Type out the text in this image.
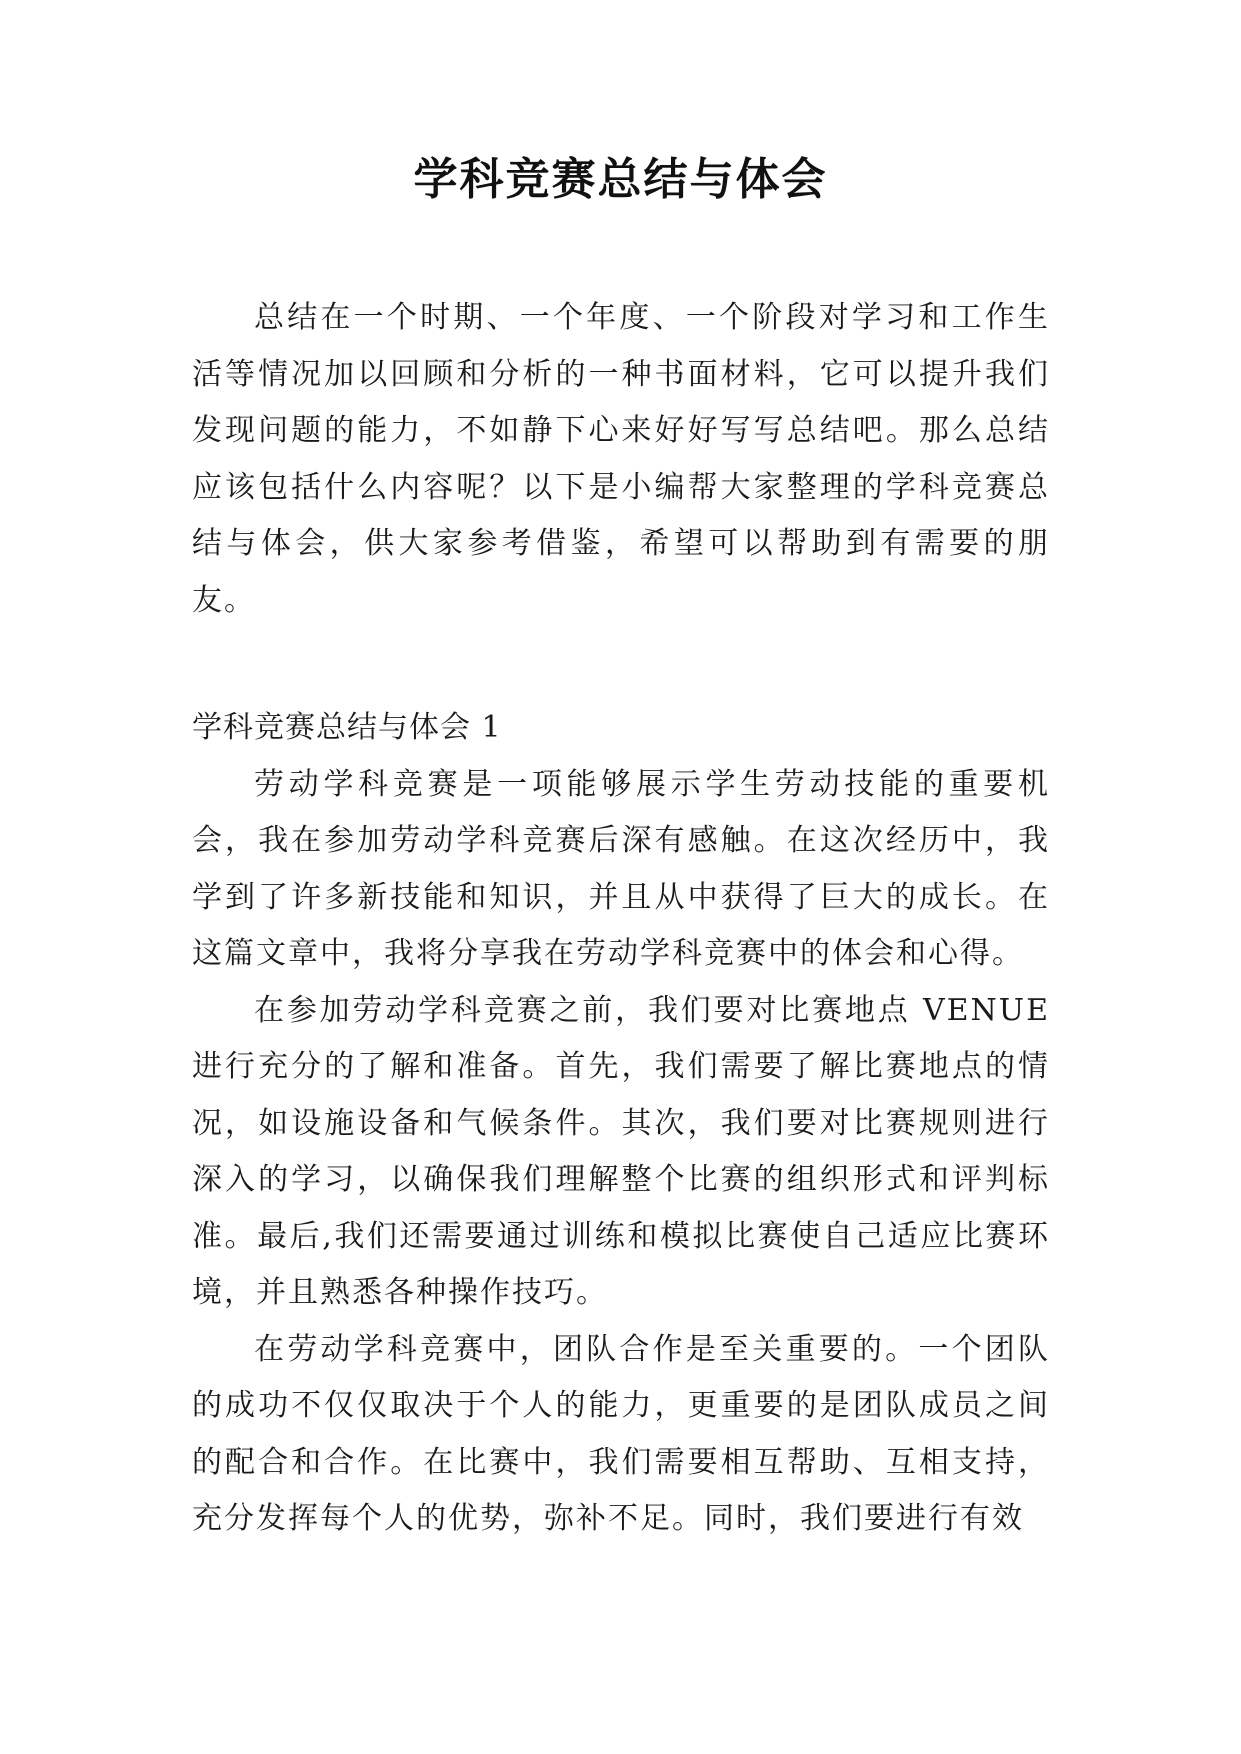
学科竞赛总结与体会

总结在一个时期、一个年度、一个阶段对学习和工作生活等情况加以回顾和分析的一种书面材料，它可以提升我们发现问题的能力，不如静下心来好好写写总结吧。那么总结应该包括什么内容呢？以下是小编帮大家整理的学科竞赛总结与体会，供大家参考借鉴，希望可以帮助到有需要的朋友。

学科竞赛总结与体会 1

劳动学科竞赛是一项能够展示学生劳动技能的重要机会，我在参加劳动学科竞赛后深有感触。在这次经历中，我学到了许多新技能和知识，并且从中获得了巨大的成长。在这篇文章中，我将分享我在劳动学科竞赛中的体会和心得。

在参加劳动学科竞赛之前，我们要对比赛地点 VENUE 进行充分的了解和准备。首先，我们需要了解比赛地点的情况，如设施设备和气候条件。其次，我们要对比赛规则进行深入的学习，以确保我们理解整个比赛的组织形式和评判标准。最后,我们还需要通过训练和模拟比赛使自己适应比赛环境，并且熟悉各种操作技巧。

在劳动学科竞赛中，团队合作是至关重要的。一个团队的成功不仅仅取决于个人的能力，更重要的是团队成员之间的配合和合作。在比赛中，我们需要相互帮助、互相支持，充分发挥每个人的优势，弥补不足。同时，我们要进行有效
